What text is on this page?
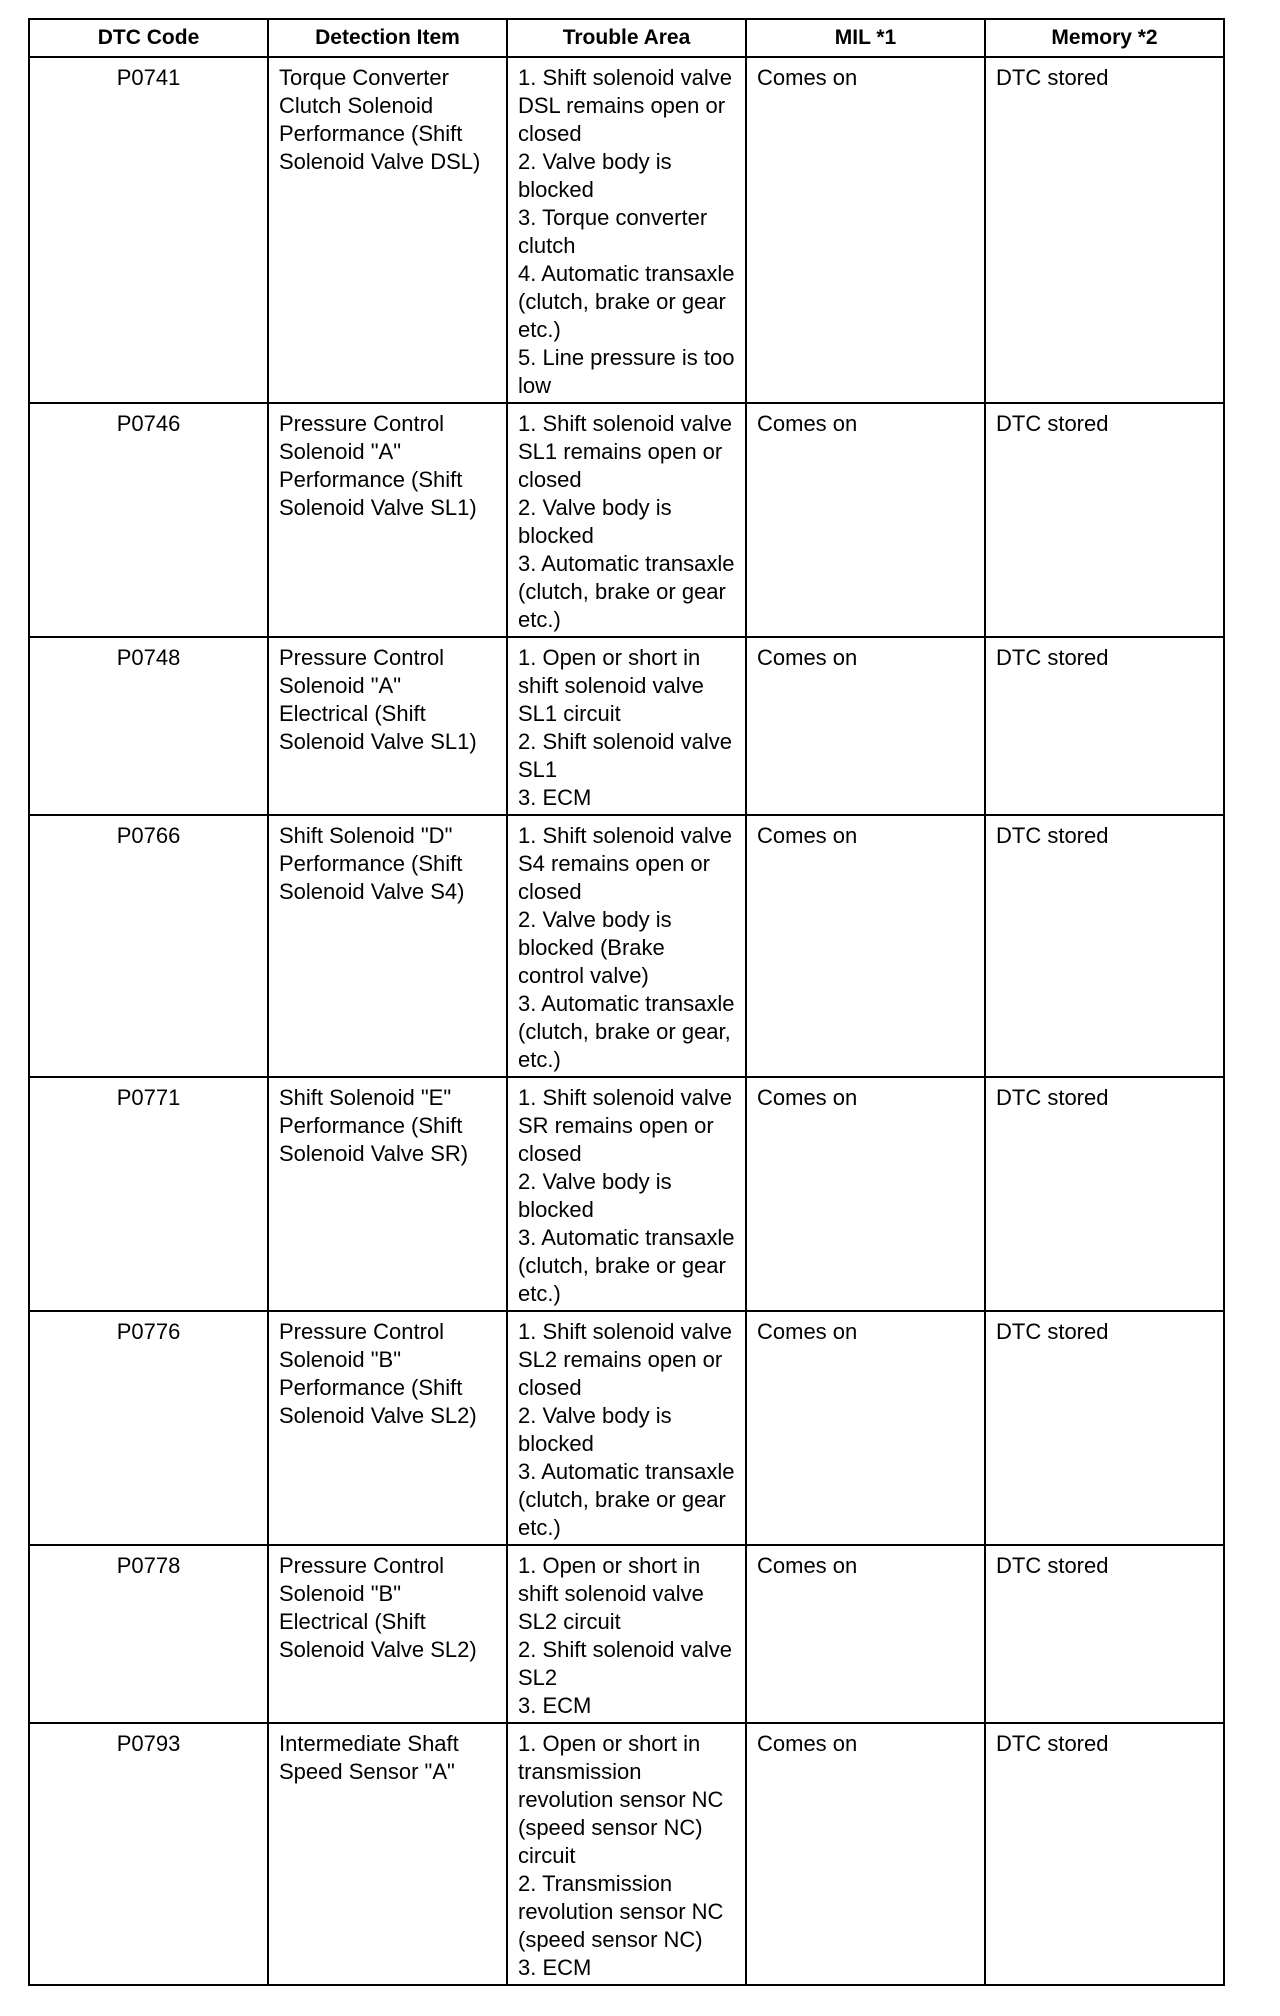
DTC Code	Detection Item	Trouble Area	MIL *1	Memory *2
P0741	Torque Converter Clutch Solenoid Performance (Shift Solenoid Valve DSL)	1. Shift solenoid valve DSL remains open or closed
2. Valve body is blocked
3. Torque converter clutch
4. Automatic transaxle (clutch, brake or gear etc.)
5. Line pressure is too low	Comes on	DTC stored
P0746	Pressure Control Solenoid "A" Performance (Shift Solenoid Valve SL1)	1. Shift solenoid valve SL1 remains open or closed
2. Valve body is blocked
3. Automatic transaxle (clutch, brake or gear etc.)	Comes on	DTC stored
P0748	Pressure Control Solenoid "A" Electrical (Shift Solenoid Valve SL1)	1. Open or short in shift solenoid valve SL1 circuit
2. Shift solenoid valve SL1
3. ECM	Comes on	DTC stored
P0766	Shift Solenoid "D" Performance (Shift Solenoid Valve S4)	1. Shift solenoid valve S4 remains open or closed
2. Valve body is blocked (Brake control valve)
3. Automatic transaxle (clutch, brake or gear, etc.)	Comes on	DTC stored
P0771	Shift Solenoid "E" Performance (Shift Solenoid Valve SR)	1. Shift solenoid valve SR remains open or closed
2. Valve body is blocked
3. Automatic transaxle (clutch, brake or gear etc.)	Comes on	DTC stored
P0776	Pressure Control Solenoid "B" Performance (Shift Solenoid Valve SL2)	1. Shift solenoid valve SL2 remains open or closed
2. Valve body is blocked
3. Automatic transaxle (clutch, brake or gear etc.)	Comes on	DTC stored
P0778	Pressure Control Solenoid "B" Electrical (Shift Solenoid Valve SL2)	1. Open or short in shift solenoid valve SL2 circuit
2. Shift solenoid valve SL2
3. ECM	Comes on	DTC stored
P0793	Intermediate Shaft Speed Sensor "A"	1. Open or short in transmission revolution sensor NC (speed sensor NC) circuit
2. Transmission revolution sensor NC (speed sensor NC)
3. ECM	Comes on	DTC stored
